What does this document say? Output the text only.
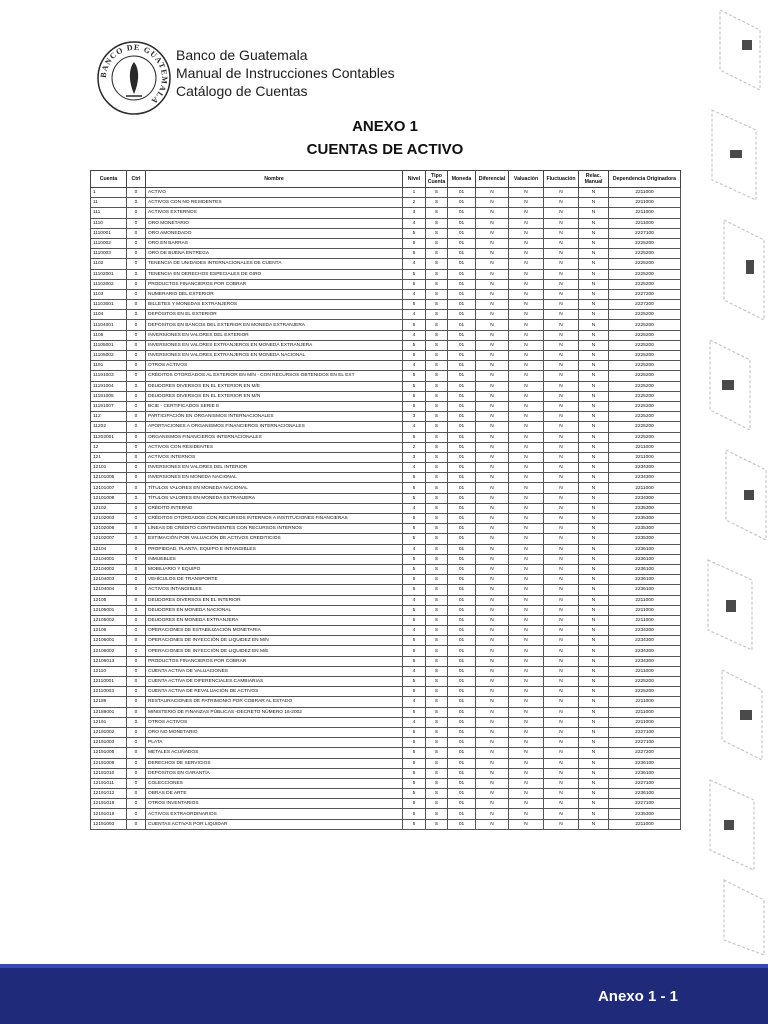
BANCO DE GUATEMALA
Banco de Guatemala
Manual de Instrucciones Contables
Catálogo de Cuentas
ANEXO 1
CUENTAS DE ACTIVO
Cuenta	Ctrl	Nombre	Nivel	Tipo Cuenta	Moneda	Diferencial	Valuación	Fluctuación	Relac. Manual	Dependencia Originadora
1	0	ACTIVO	1	S	01	N	N	N	N	2211000
11	0	ACTIVOS CON NO RESIDENTES	2	S	01	N	N	N	N	2211000
111	0	ACTIVOS EXTERNOS	3	S	01	N	N	N	N	2211000
1110	0	ORO MONETARIO	4	S	01	N	N	N	N	2211000
1110001	0	ORO AMONEDADO	5	S	01	N	N	N	N	2227100
1110002	0	ORO EN BARRAS	5	S	01	N	N	N	N	2225200
1110003	0	ORO DE BUENA ENTREGA	5	S	01	N	N	N	N	2225200
1102	0	TENENCIA DE UNIDADES INTERNACIONALES DE CUENTA	4	S	01	N	N	N	N	2225200
11102001	0	TENENCIA EN DERECHOS ESPECIALES DE GIRO	5	S	01	N	N	N	N	2225200
11102002	0	PRODUCTOS FINANCIEROS POR COBRAR	5	S	01	N	N	N	N	2225200
1103	0	NUMERARIO DEL EXTERIOR	4	S	01	N	N	N	N	2227200
11103001	0	BILLETES Y MONEDAS EXTRANJEROS	5	S	01	N	N	N	N	2227200
1104	0	DEPÓSITOS EN EL EXTERIOR	4	S	01	N	N	N	N	2225200
11104001	0	DEPÓSITOS EN BANCOS DEL EXTERIOR EN MONEDA EXTRANJERA	5	S	01	N	N	N	N	2225200
1105	0	INVERSIONES EN VALORES DEL EXTERIOR	4	S	01	N	N	N	N	2225200
11105001	0	INVERSIONES EN VALORES EXTRANJEROS EN MONEDA EXTRANJERA	5	S	01	N	N	N	N	2225200
11105002	0	INVERSIONES EN VALORES EXTRANJEROS EN MONEDA NACIONAL	5	S	01	N	N	N	N	2225200
1191	0	OTROS ACTIVOS	4	S	01	N	N	N	N	2225200
11191003	0	CRÉDITOS OTORGADOS AL EXTERIOR EN M/N - CON RECURSOS OBTENIDOS EN EL EXT	5	S	01	N	N	N	N	2225200
11191004	0	DEUDORES DIVERSOS EN EL EXTERIOR EN M/E	5	S	01	N	N	N	N	2225200
11191005	0	DEUDORES DIVERSOS EN EL EXTERIOR EN M/N	5	S	01	N	N	N	N	2225200
11191007	0	BCIE - CERTIFICADOS SERIE E	5	S	01	N	N	N	N	2225200
112	0	PARTICIPACIÓN EN ORGANISMOS INTERNACIONALES	3	S	01	N	N	N	N	2225200
11202	0	APORTACIONES A ORGANISMOS FINANCIEROS INTERNACIONALES	4	S	01	N	N	N	N	2225200
11202001	0	ORGANISMOS FINANCIEROS INTERNACIONALES	5	S	01	N	N	N	N	2225200
12	0	ACTIVOS CON RESIDENTES	2	S	01	N	N	N	N	2211000
121	0	ACTIVOS INTERNOS	3	S	01	N	N	N	N	2211000
12101	0	INVERSIONES EN VALORES DEL INTERIOR	4	S	01	N	N	N	N	2234300
12101005	0	INVERSIONES EN MONEDA NACIONAL	5	S	01	N	N	N	N	2234300
12101007	0	TÍTULOS VALORES EN MONEDA NACIONAL	5	S	01	N	N	N	N	2211000
12101008	0	TÍTULOS VALORES EN MONEDA EXTRANJERA	5	S	01	N	N	N	N	2234300
12102	0	CRÉDITO INTERNO	4	S	01	N	N	N	N	2235300
12102003	0	CRÉDITOS OTORGADOS CON RECURSOS INTERNOS A INSTITUCIONES FINANCIERAS	5	S	01	N	N	N	N	2235300
12102006	0	LÍNEAS DE CRÉDITO CONTINGENTES CON RECURSOS INTERNOS	5	S	01	N	N	N	N	2235300
12102007	0	ESTIMACIÓN POR VALUACIÓN DE ACTIVOS CREDITICIOS	5	S	01	N	N	N	N	2235300
12104	0	PROPIEDAD, PLANTA, EQUIPO E INTANGIBLES	4	S	01	N	N	N	N	2236100
12104001	0	INMUEBLES	5	S	01	N	N	N	N	2236100
12104002	0	MOBILIARIO Y EQUIPO	5	S	01	N	N	N	N	2236100
12104003	0	VEHÍCULOS DE TRANSPORTE	5	S	01	N	N	N	N	2236100
12104004	0	ACTIVOS INTANGIBLES	5	S	01	N	N	N	N	2236100
12105	0	DEUDORES DIVERSOS EN EL INTERIOR	4	S	01	N	N	N	N	2211000
12105001	0	DEUDORES EN MONEDA NACIONAL	5	S	01	N	N	N	N	2211000
12105002	0	DEUDORES EN MONEDA EXTRANJERA	5	S	01	N	N	N	N	2211000
12106	0	OPERACIONES DE ESTABILIZACIÓN MONETARIA	4	S	01	N	N	N	N	2234300
12106001	0	OPERACIONES DE INYECCIÓN DE LIQUIDEZ EN M/N	5	S	01	N	N	N	N	2234300
12106002	0	OPERACIONES DE INYECCIÓN DE LIQUIDEZ EN M/E	5	S	01	N	N	N	N	2234300
12106013	0	PRODUCTOS FINANCIEROS POR COBRAR	5	S	01	N	N	N	N	2234300
12110	0	CUENTA ACTIVA DE VALUACIONES	4	S	01	N	N	N	N	2211000
12110001	0	CUENTA ACTIVA DE DIFERENCIALES CAMBIARIAS	5	S	01	N	N	N	N	2225200
12110003	0	CUENTA ACTIVA DE REVALUACIÓN DE ACTIVOS	5	S	01	N	N	N	N	2225200
12189	0	RESTAURACIONES DE PATRIMONIO POR COBRAR AL ESTADO	4	S	01	N	N	N	N	2211000
12189001	0	MINISTERIO DE FINANZAS PÚBLICAS -DECRETO NÚMERO 16-2002	5	S	01	N	N	N	N	2211000
12191	0	OTROS ACTIVOS	4	S	01	N	N	N	N	2211000
12191002	0	ORO NO MONETARIO	5	S	01	N	N	N	N	2227100
12191003	0	PLATA	5	S	01	N	N	N	N	2227100
12191005	0	METALES ACUÑADOS	5	S	01	N	N	N	N	2227200
12191009	0	DERECHOS DE SERVICIOS	5	S	01	N	N	N	N	2236100
12191010	0	DEPÓSITOS EN GARANTÍA	5	S	01	N	N	N	N	2236100
12191011	0	COLECCIONES	5	S	01	N	N	N	N	2227100
12191012	0	OBRAS DE ARTE	5	S	01	N	N	N	N	2236100
12191018	0	OTROS INVENTARIOS	5	S	01	N	N	N	N	2227100
12191019	0	ACTIVOS EXTRAORDINARIOS	5	S	01	N	N	N	N	2235300
12191093	0	CUENTAS ACTIVAS POR LIQUIDAR	5	S	01	N	N	N	N	2211000
Anexo 1 - 1
